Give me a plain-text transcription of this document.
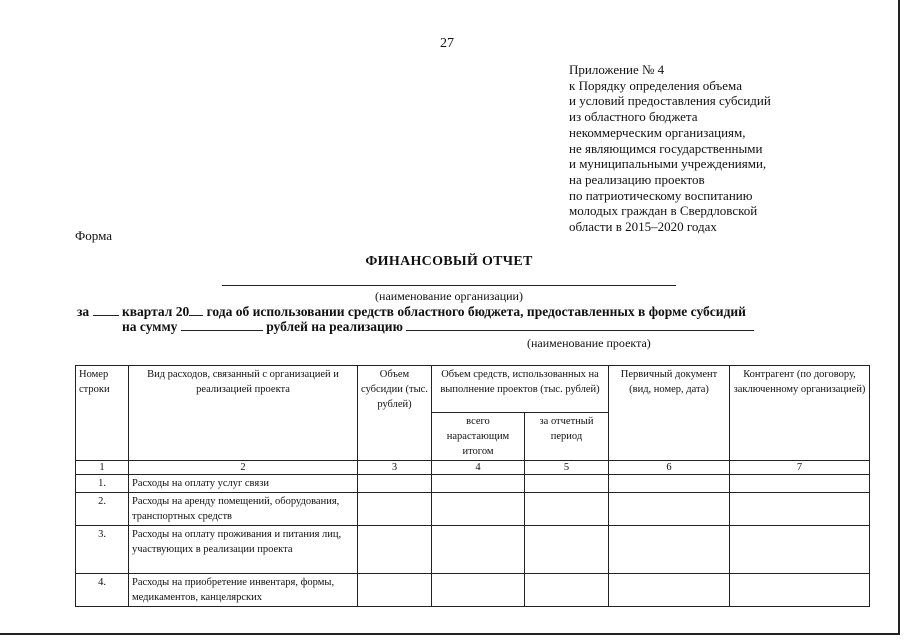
27
Приложение № 4
к Порядку определения объема
и условий предоставления субсидий
из областного бюджета
некоммерческим организациям,
не являющимся государственными
и муниципальными учреждениями,
на реализацию проектов
по патриотическому воспитанию
молодых граждан в Свердловской
области в 2015–2020 годах
Форма
ФИНАНСОВЫЙ ОТЧЕТ
(наименование организации)
за квартал 20 года об использовании средств областного бюджета, предоставленных в форме субсидий
на сумму	рублей на реализацию
(наименование проекта)
Номер строки	Вид расходов, связанный с организацией и реализацией проекта	Объем субсидии (тыс. рублей)	Объем средств, использованных на выполнение проектов (тыс. рублей)		Первичный документ (вид, номер, дата)	Контрагент (по договору, заключенному организацией)
			всего нарастающим итогом	за отчетный период		
1	2	3	4	5	6	7
1.	Расходы на оплату услуг связи					
2.	Расходы на аренду помещений, оборудования, транспортных средств					
3.	Расходы на оплату проживания и питания лиц, участвующих в реализации проекта					
4.	Расходы на приобретение инвентаря, формы, медикаментов, канцелярских					
